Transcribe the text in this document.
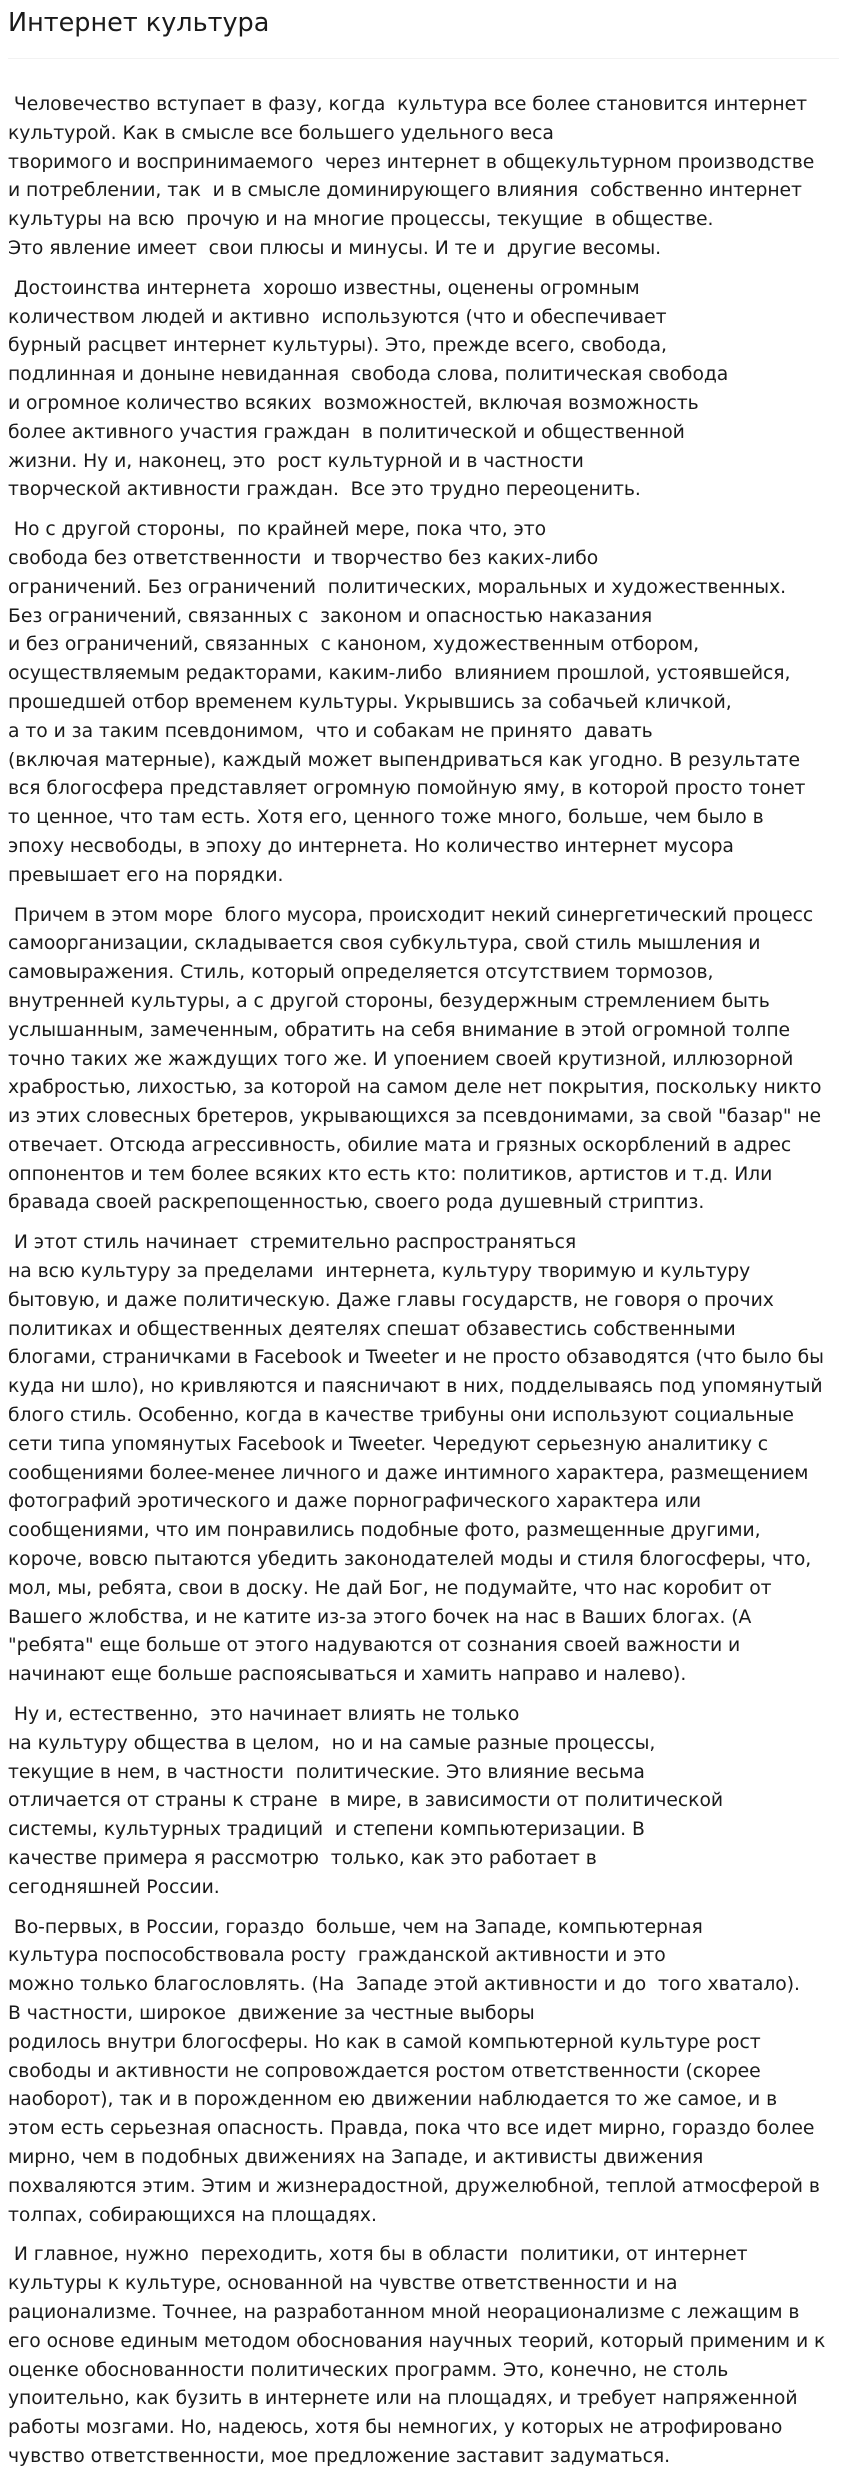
Интернет культура

Человечество вступает в фазу, когда  культура все более становится интернет
культурой. Как в смысле все большего удельного веса
творимого и воспринимаемого  через интернет в общекультурном производстве
и потреблении, так  и в смысле доминирующего влияния  собственно интернет
культуры на всю  прочую и на многие процессы, текущие  в обществе.
Это явление имеет  свои плюсы и минусы. И те и  другие весомы.

Достоинства интернета  хорошо известны, оценены огромным
количеством людей и активно  используются (что и обеспечивает
бурный расцвет интернет культуры). Это, прежде всего, свобода,
подлинная и доныне невиданная  свобода слова, политическая свобода
и огромное количество всяких  возможностей, включая возможность
более активного участия граждан  в политической и общественной
жизни. Ну и, наконец, это  рост культурной и в частности
творческой активности граждан.  Все это трудно переоценить.

Но с другой стороны,  по крайней мере, пока что, это
свобода без ответственности  и творчество без каких-либо
ограничений. Без ограничений  политических, моральных и художественных.
Без ограничений, связанных с  законом и опасностью наказания
и без ограничений, связанных  с каноном, художественным отбором,
осуществляемым редакторами, каким-либо  влиянием прошлой, устоявшейся,
прошедшей отбор временем культуры. Укрывшись за собачьей кличкой,
а то и за таким псевдонимом,  что и собакам не принято  давать
(включая матерные), каждый может выпендриваться как угодно. В результате
вся блогосфера представляет огромную помойную яму, в которой просто тонет
то ценное, что там есть. Хотя его, ценного тоже много, больше, чем было в
эпоху несвободы, в эпоху до интернета. Но количество интернет мусора
превышает его на порядки.

Причем в этом море  блого мусора, происходит некий синергетический процесс
самоорганизации, складывается своя субкультура, свой стиль мышления и
самовыражения. Стиль, который определяется отсутствием тормозов,
внутренней культуры, а с другой стороны, безудержным стремлением быть
услышанным, замеченным, обратить на себя внимание в этой огромной толпе
точно таких же жаждущих того же. И упоением своей крутизной, иллюзорной
храбростью, лихостью, за которой на самом деле нет покрытия, поскольку никто
из этих словесных бретеров, укрывающихся за псевдонимами, за свой "базар" не
отвечает. Отсюда агрессивность, обилие мата и грязных оскорблений в адрес
оппонентов и тем более всяких кто есть кто: политиков, артистов и т.д. Или
бравада своей раскрепощенностью, своего рода душевный стриптиз.

И этот стиль начинает  стремительно распространяться
на всю культуру за пределами  интернета, культуру творимую и культуру
бытовую, и даже политическую. Даже главы государств, не говоря о прочих
политиках и общественных деятелях спешат обзавестись собственными
блогами, страничками в Facebook и Tweeter и не просто обзаводятся (что было бы
куда ни шло), но кривляются и паясничают в них, подделываясь под упомянутый
блого стиль. Особенно, когда в качестве трибуны они используют социальные
сети типа упомянутых Facebook и Tweeter. Чередуют серьезную аналитику с
сообщениями более-менее личного и даже интимного характера, размещением
фотографий эротического и даже порнографического характера или
сообщениями, что им понравились подобные фото, размещенные другими,
короче, вовсю пытаются убедить законодателей моды и стиля блогосферы, что,
мол, мы, ребята, свои в доску. Не дай Бог, не подумайте, что нас коробит от
Вашего жлобства, и не катите из-за этого бочек на нас в Ваших блогах. (А
"ребята" еще больше от этого надуваются от сознания своей важности и
начинают еще больше распоясываться и хамить направо и налево).

Ну и, естественно,  это начинает влиять не только
на культуру общества в целом,  но и на самые разные процессы,
текущие в нем, в частности  политические. Это влияние весьма
отличается от страны к стране  в мире, в зависимости от политической
системы, культурных традиций  и степени компьютеризации. В
качестве примера я рассмотрю  только, как это работает в
сегодняшней России.

Во-первых, в России, гораздо  больше, чем на Западе, компьютерная
культура поспособствовала росту  гражданской активности и это
можно только благословлять. (На  Западе этой активности и до  того хватало).
В частности, широкое  движение за честные выборы
родилось внутри блогосферы. Но как в самой компьютерной культуре рост
свободы и активности не сопровождается ростом ответственности (скорее
наоборот), так и в порожденном ею движении наблюдается то же самое, и в
этом есть серьезная опасность. Правда, пока что все идет мирно, гораздо более
мирно, чем в подобных движениях на Западе, и активисты движения
похваляются этим. Этим и жизнерадостной, дружелюбной, теплой атмосферой в
толпах, собирающихся на площадях.

И главное, нужно  переходить, хотя бы в области  политики, от интернет
культуры к культуре, основанной на чувстве ответственности и на
рационализме. Точнее, на разработанном мной неорационализме с лежащим в
его основе единым методом обоснования научных теорий, который применим и к
оценке обоснованности политических программ. Это, конечно, не столь
упоительно, как бузить в интернете или на площадях, и требует напряженной
работы мозгами. Но, надеюсь, хотя бы немногих, у которых не атрофировано
чувство ответственности, мое предложение заставит задуматься.
